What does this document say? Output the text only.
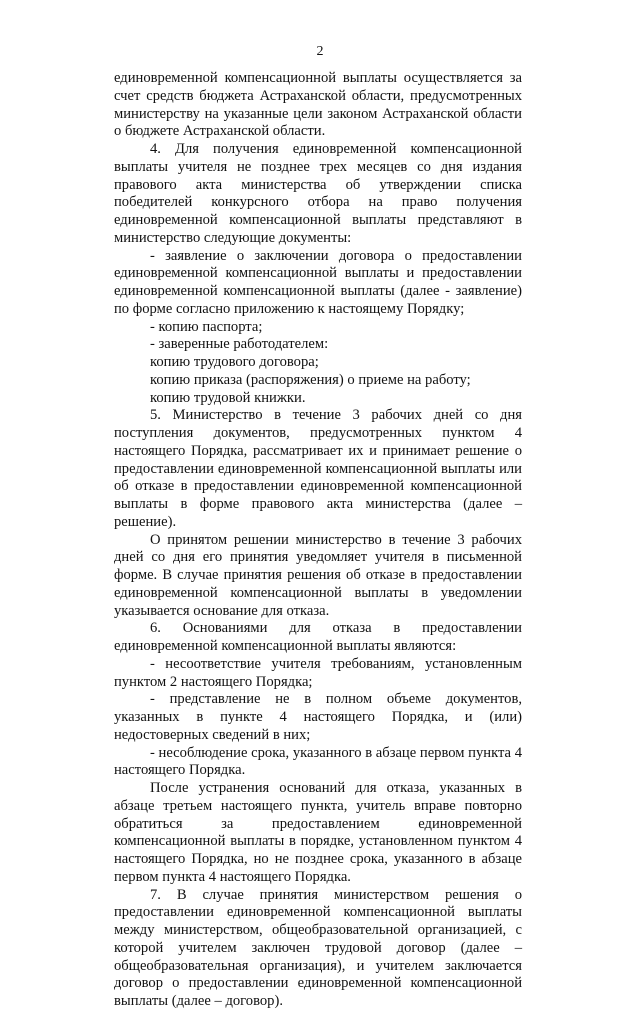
2

единовременной компенсационной выплаты осуществляется за счет средств бюджета Астраханской области, предусмотренных министерству на указанные цели законом Астраханской области о бюджете Астраханской области.

4. Для получения единовременной компенсационной выплаты учителя не позднее трех месяцев со дня издания правового акта министерства об утверждении списка победителей конкурсного отбора на право получения единовременной компенсационной выплаты представляют в министерство следующие документы:

- заявление о заключении договора о предоставлении единовременной компенсационной выплаты и предоставлении единовременной компенсационной выплаты (далее - заявление) по форме согласно приложению к настоящему Порядку;

- копию паспорта;

- заверенные работодателем:

копию трудового договора;

копию приказа (распоряжения) о приеме на работу;

копию трудовой книжки.

5. Министерство в течение 3 рабочих дней со дня поступления документов, предусмотренных пунктом 4 настоящего Порядка, рассматривает их и принимает решение о предоставлении единовременной компенсационной выплаты или об отказе в предоставлении единовременной компенсационной выплаты в форме правового акта министерства (далее – решение).

О принятом решении министерство в течение 3 рабочих дней со дня его принятия уведомляет учителя в письменной форме. В случае принятия решения об отказе в предоставлении единовременной компенсационной выплаты в уведомлении указывается основание для отказа.

6. Основаниями для отказа в предоставлении единовременной компенсационной выплаты являются:

- несоответствие учителя требованиям, установленным пунктом 2 настоящего Порядка;

- представление не в полном объеме документов, указанных в пункте 4 настоящего Порядка, и (или) недостоверных сведений в них;

- несоблюдение срока, указанного в абзаце первом пункта 4 настоящего Порядка.

После устранения оснований для отказа, указанных в абзаце третьем настоящего пункта, учитель вправе повторно обратиться за предоставлением единовременной компенсационной выплаты в порядке, установленном пунктом 4 настоящего Порядка, но не позднее срока, указанного в абзаце первом пункта 4 настоящего Порядка.

7. В случае принятия министерством решения о предоставлении единовременной компенсационной выплаты между министерством, общеобразовательной организацией, с которой учителем заключен трудовой договор (далее – общеобразовательная организация), и учителем заключается договор о предоставлении единовременной компенсационной выплаты (далее – договор).
